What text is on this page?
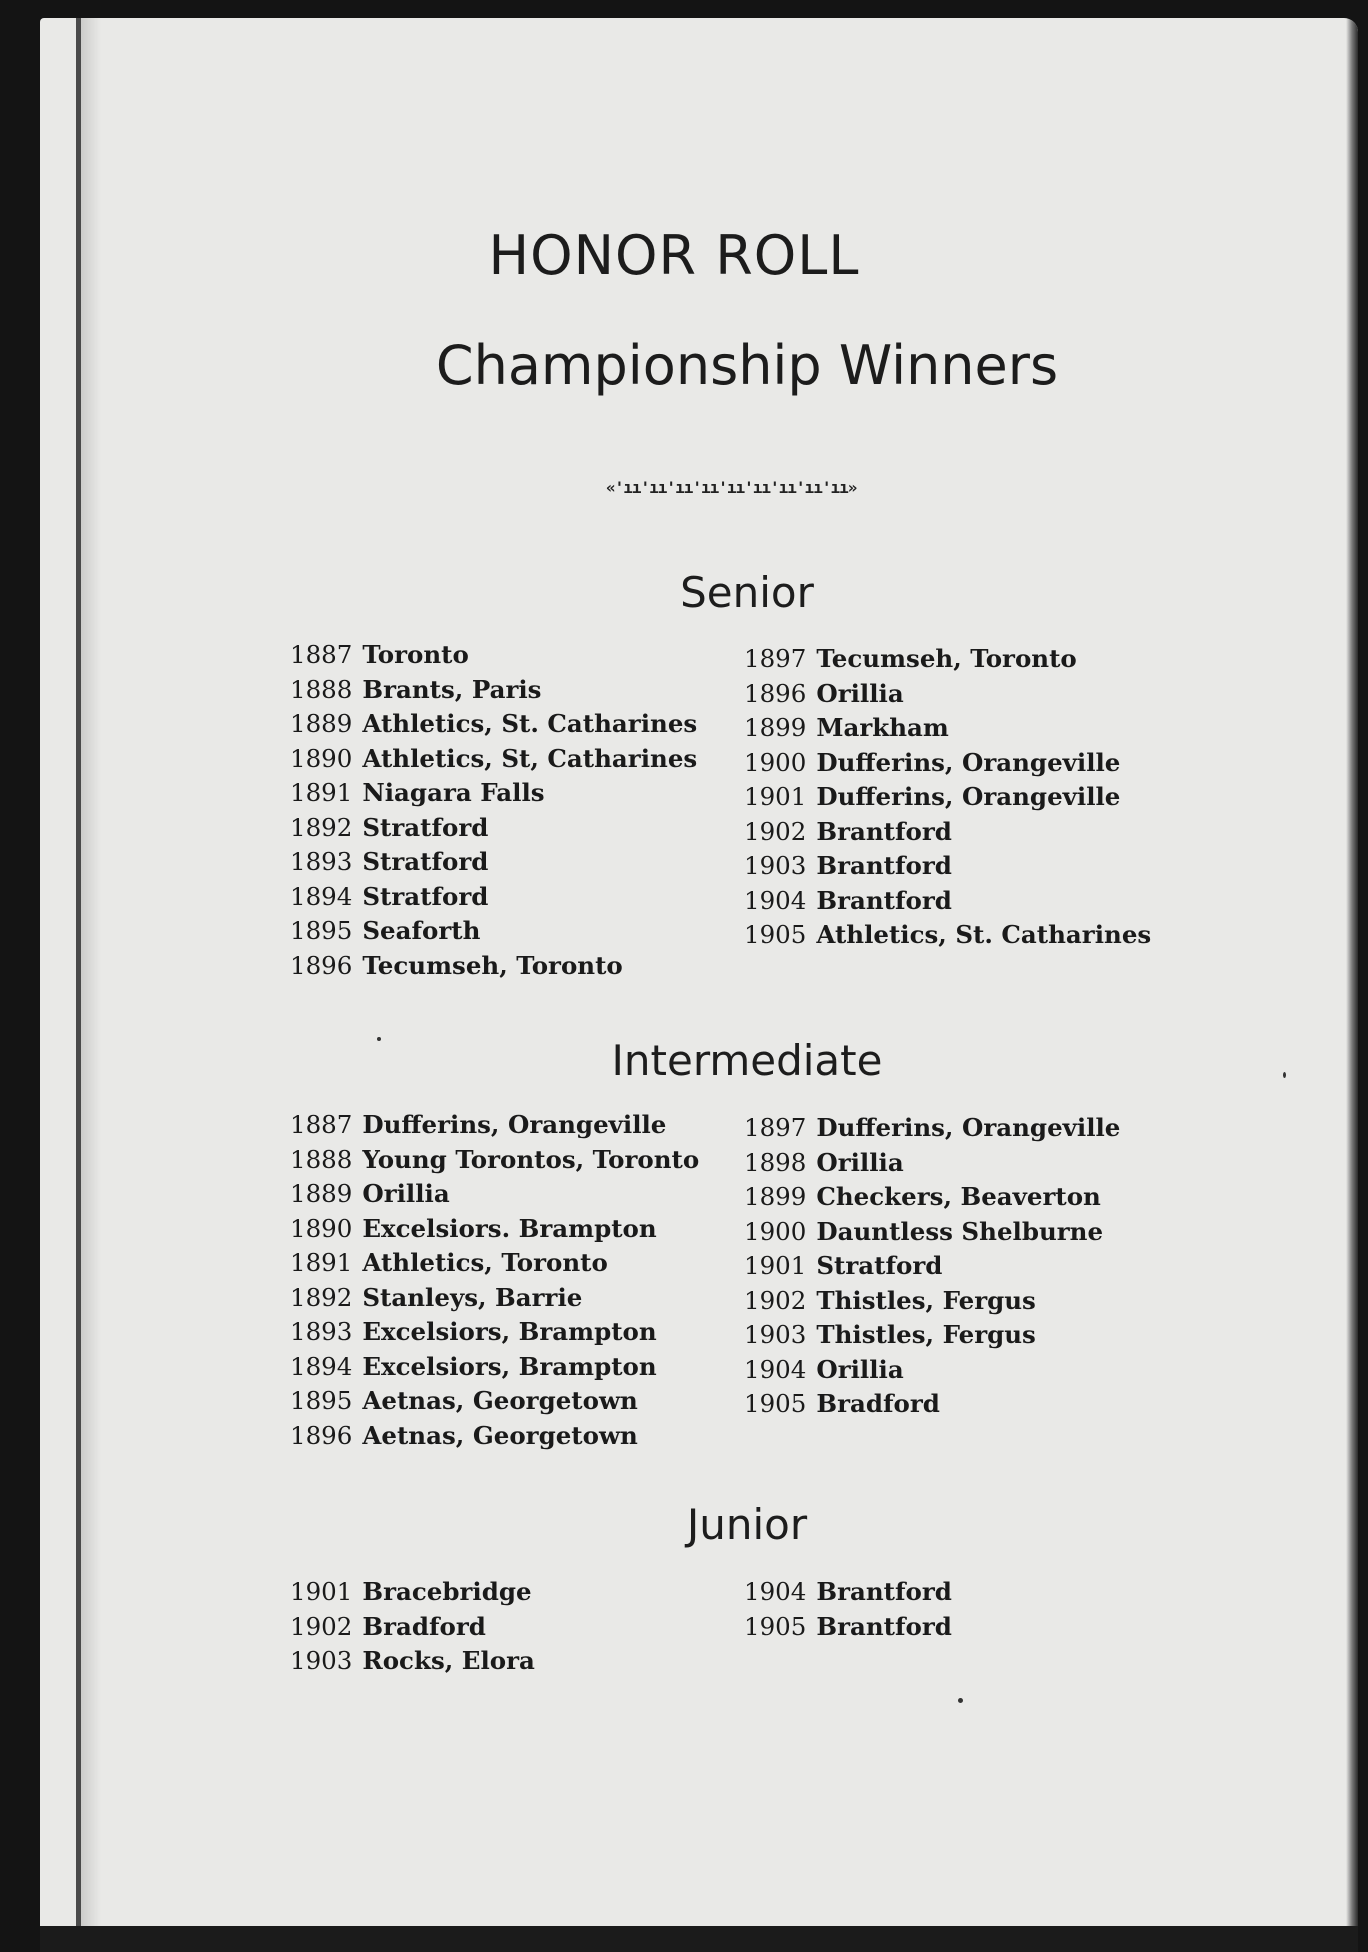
HONOR ROLL
Championship Winners
«'ıı'ıı'ıı'ıı'ıı'ıı'ıı'ıı'ıı»
Senior
1887 Toronto
1888 Brants, Paris
1889 Athletics, St. Catharines
1890 Athletics, St, Catharines
1891 Niagara Falls
1892 Stratford
1893 Stratford
1894 Stratford
1895 Seaforth
1896 Tecumseh, Toronto
1897 Tecumseh, Toronto
1896 Orillia
1899 Markham
1900 Dufferins, Orangeville
1901 Dufferins, Orangeville
1902 Brantford
1903 Brantford
1904 Brantford
1905 Athletics, St. Catharines
Intermediate
1887 Dufferins, Orangeville
1888 Young Torontos, Toronto
1889 Orillia
1890 Excelsiors. Brampton
1891 Athletics, Toronto
1892 Stanleys, Barrie
1893 Excelsiors, Brampton
1894 Excelsiors, Brampton
1895 Aetnas, Georgetown
1896 Aetnas, Georgetown
1897 Dufferins, Orangeville
1898 Orillia
1899 Checkers, Beaverton
1900 Dauntless Shelburne
1901 Stratford
1902 Thistles, Fergus
1903 Thistles, Fergus
1904 Orillia
1905 Bradford
Junior
1901 Bracebridge
1902 Bradford
1903 Rocks, Elora
1904 Brantford
1905 Brantford
